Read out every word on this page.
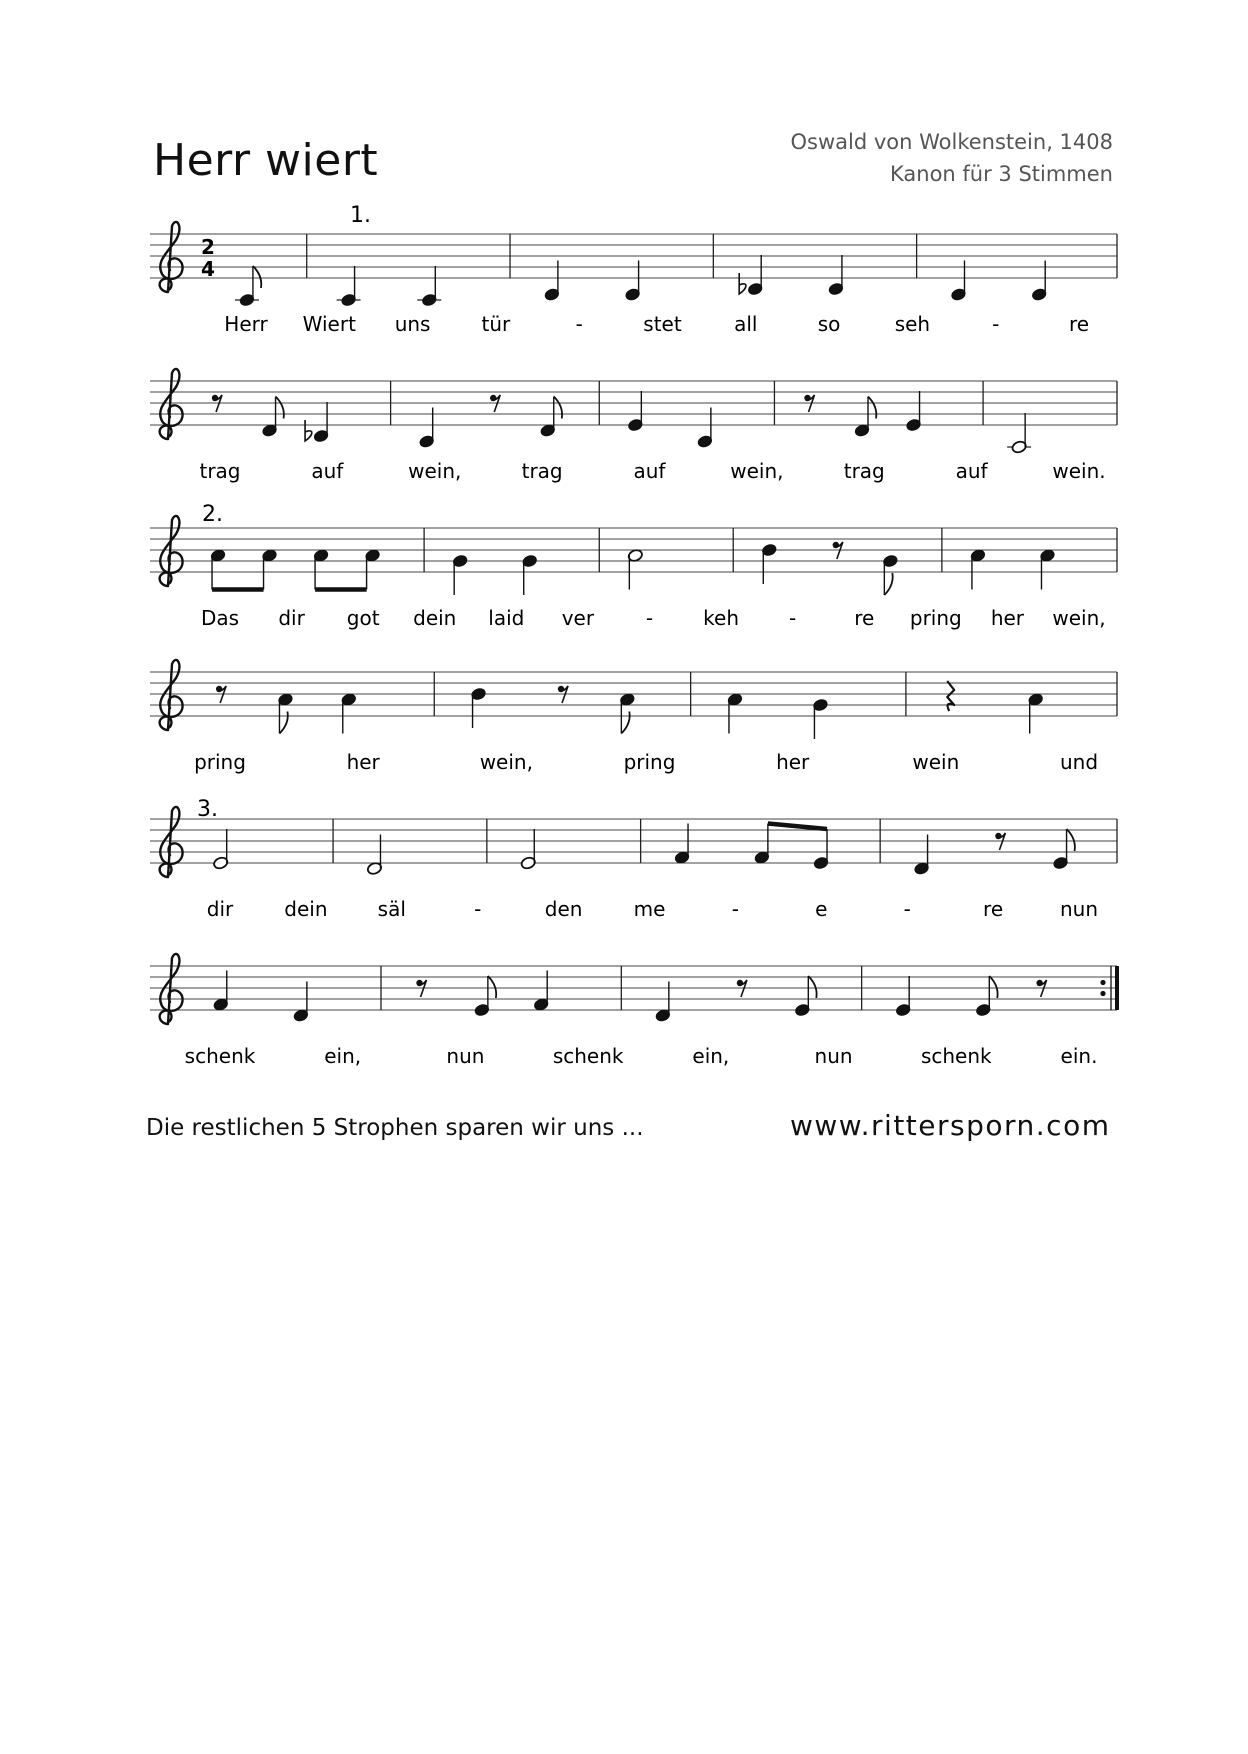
Herr wiert	Oswald von Wolkenstein, 1408
Kanon für 3 Stimmen
2
4
1.
Herr Wiert uns	tür	-	stet	all	so	seh	-	re
trag	auf	wein,	trag	auf	wein,	trag	auf	wein.
2.
Das dir got dein laid ver	-	keh	-	re pring her wein,
pring	her	wein,	pring	her	wein	und
3.
dir	dein	säl	-	den	me	-	e	-	re	nun
schenk	ein,	nun	schenk	ein,	nun	schenk	ein.
Die restlichen 5 Strophen sparen wir uns ...	www.rittersporn.com
